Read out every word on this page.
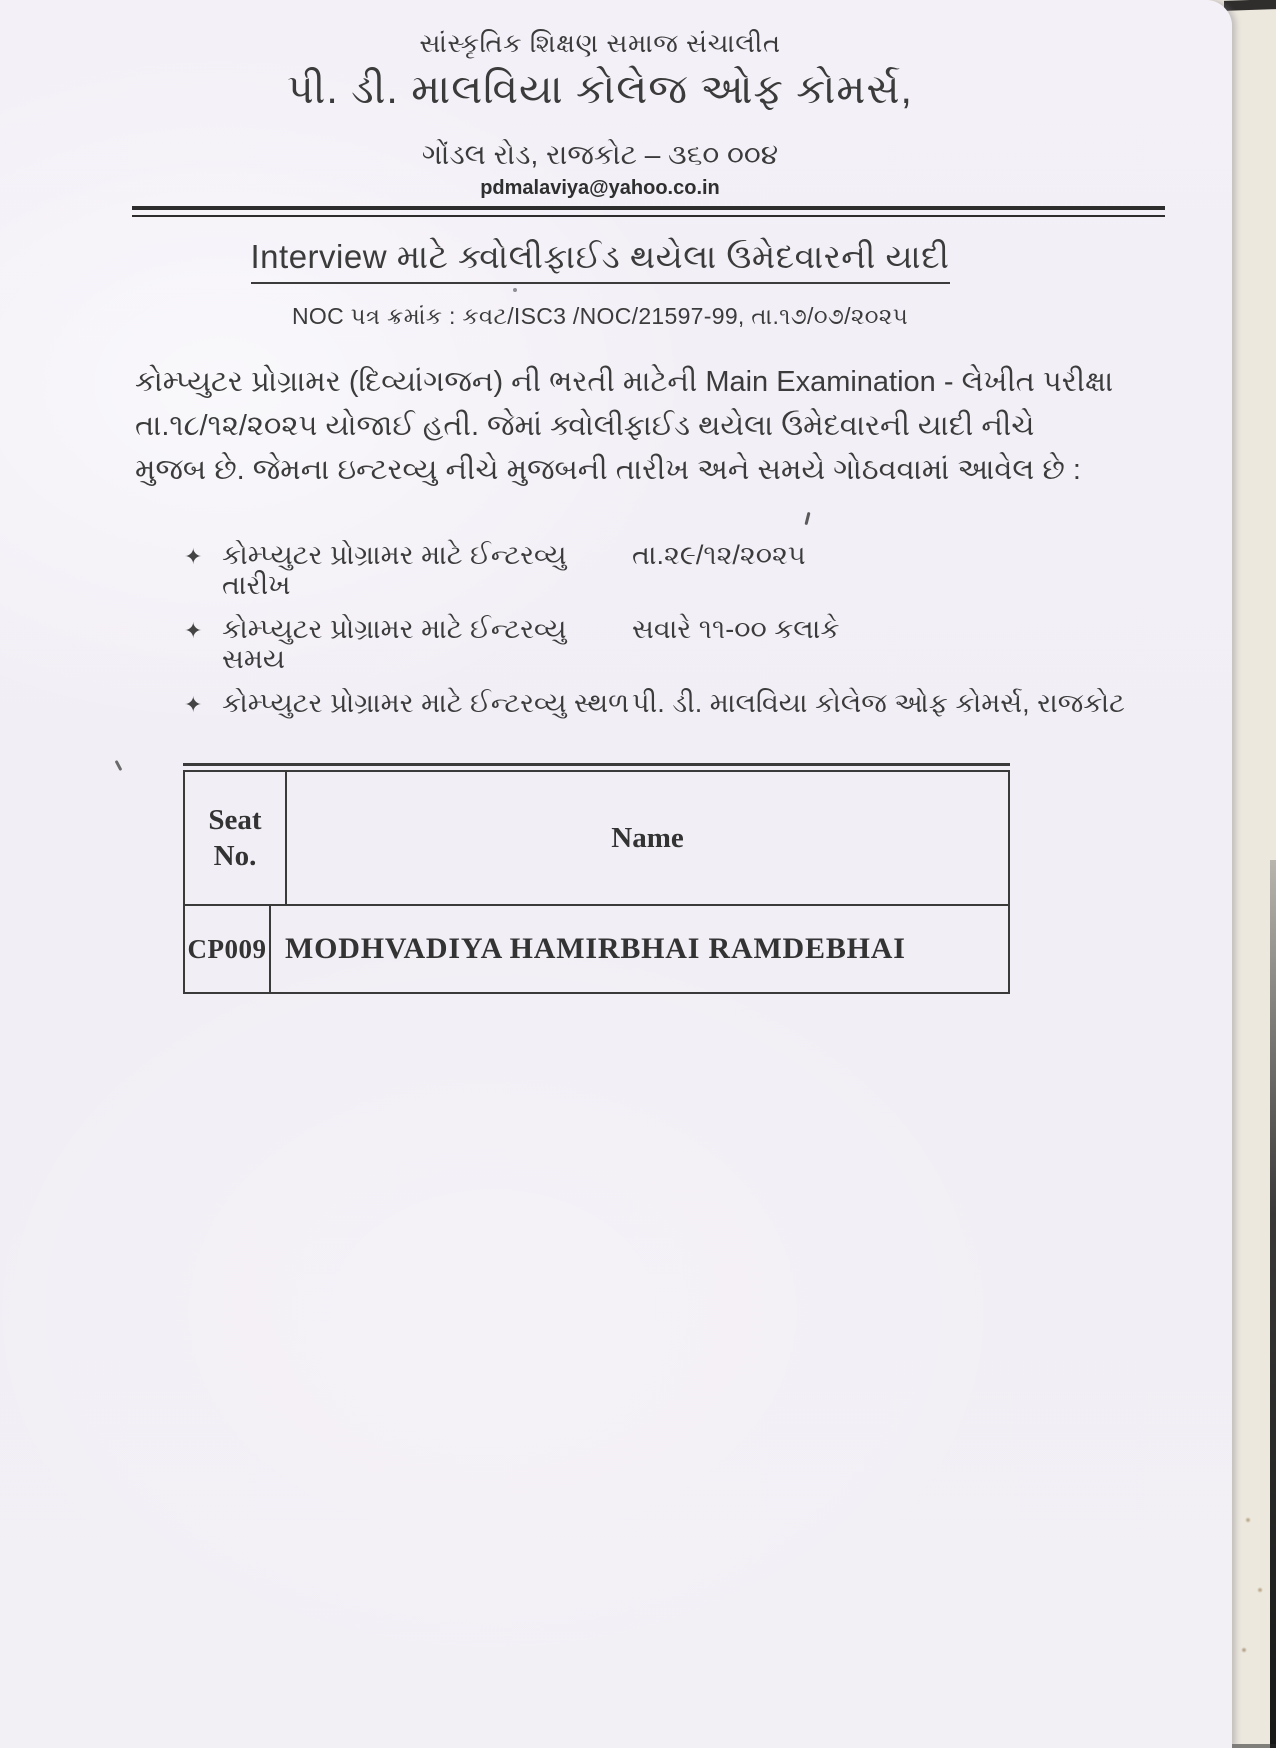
સાંસ્કૃતિક શિક્ષણ સમાજ સંચાલીત
પી. ડી. માલવિયા કોલેજ ઓફ કોમર્સ,
ગોંડલ રોડ, રાજકોટ – ૩૬૦ ૦૦૪
pdmalaviya@yahoo.co.in
Interview માટે ક્વોલીફાઈડ થયેલા ઉમેદવારની યાદી
NOC પત્ર ક્રમાંક : કવટ/ISC3 /NOC/21597-99, તા.૧૭/૦૭/૨૦૨૫
કોમ્પ્યુટર પ્રોગ્રામર (દિવ્યાંગજન) ની ભરતી માટેની Main Examination - લેખીત પરીક્ષા
તા.૧૮/૧૨/૨૦૨૫ યોજાઈ હતી. જેમાં ક્વોલીફાઈડ થયેલા ઉમેદવારની યાદી નીચે
મુજબ છે. જેમના ઇન્ટરવ્યુ નીચે મુજબની તારીખ અને સમયે ગોઠવવામાં આવેલ છે :
✦ કોમ્પ્યુટર પ્રોગ્રામર માટે ઈન્ટરવ્યુ તારીખ
તા.૨૯/૧૨/૨૦૨૫
✦ કોમ્પ્યુટર પ્રોગ્રામર માટે ઈન્ટરવ્યુ સમય
સવારે ૧૧-૦૦ કલાકે
✦ કોમ્પ્યુટર પ્રોગ્રામર માટે ઈન્ટરવ્યુ સ્થળ પી. ડી. માલવિયા કોલેજ ઓફ કોમર્સ, રાજકોટ
Seat No.
Name
CP009 MODHVADIYA HAMIRBHAI RAMDEBHAI
